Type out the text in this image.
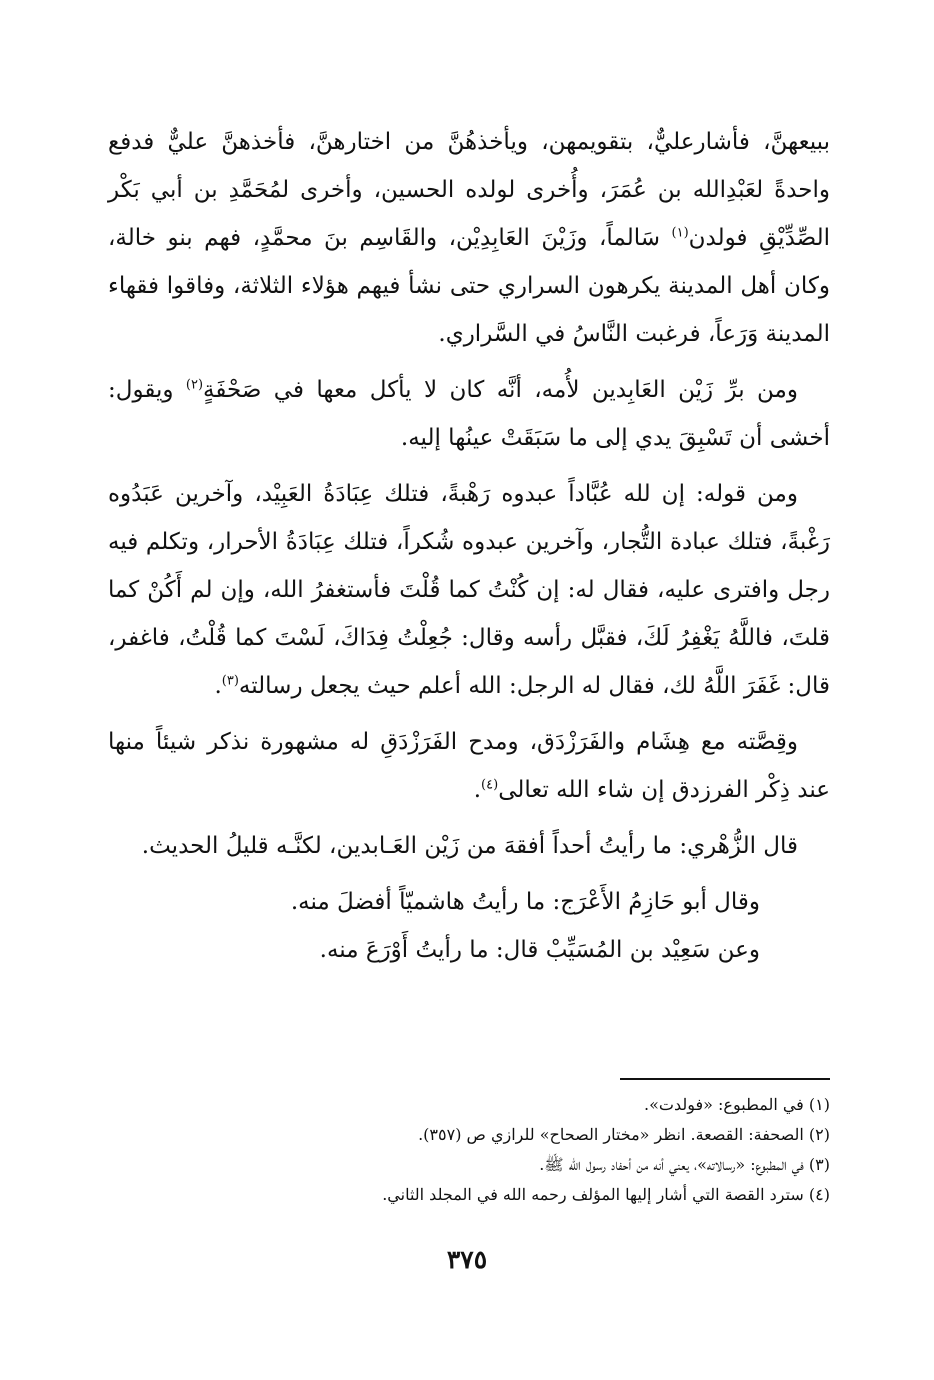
ببيعهنَّ، فأشارعليٌّ، بتقويمهن، ويأخذهُنَّ من اختارهنَّ، فأخذهنَّ عليٌّ فدفع واحدةً لعَبْدِالله بن عُمَرَ، وأُخرى لولده الحسين، وأخرى لمُحَمَّدِ بن أبي بَكْر الصِّدِّيْقِ فولدن$^{(١)}$ سَالماً، وزَيْنَ العَابِدِيْن، والقَاسِم بنَ محمَّدٍ، فهم بنو خالة، وكان أهل المدينة يكرهون السراري حتى نشأ فيهم هؤلاء الثلاثة، وفاقوا فقهاء المدينة وَرَعاً، فرغبت النَّاسُ في السَّراري.

ومن برِّ زَيْن العَابِدين لأُمه، أنَّه كان لا يأكل معها في صَحْفَةٍ$^{(٢)}$ ويقول: أخشى أن تَسْبِقَ يدي إلى ما سَبَقَتْ عينُها إليه.

ومن قوله: إن لله عُبَّاداً عبدوه رَهْبةً، فتلك عِبَادَةُ العَبِيْد، وآخرين عَبَدُوه رَغْبةً، فتلك عبادة التُّجار، وآخرين عبدوه شُكراً، فتلك عِبَادَةُ الأحرار، وتكلم فيه رجل وافترى عليه، فقال له: إن كُنْتُ كما قُلْتَ فأستغفرُ الله، وإن لم أَكُنْ كما قلتَ، فاللَّهُ يَغْفِرُ لَكَ، فقبَّل رأسه وقال: جُعِلْتُ فِدَاكَ، لَسْتَ كما قُلْتُ، فاغفر، قال: غَفَرَ اللَّهُ لك، فقال له الرجل: الله أعلم حيث يجعل رسالته$^{(٣)}$.

وقِصَّته مع هِشَام والفَرَزْدَق، ومدح الفَرَزْدَقِ له مشهورة نذكر شيئاً منها عند ذِكْر الفرزدق إن شاء الله تعالى$^{(٤)}$.

قال الزُّهْري: ما رأيتُ أحداً أفقهَ من زَيْن العَـابدين، لكنَّـه قليلُ الحديث.

وقال أبو حَازِمُ الأَعْرَج: ما رأيتُ هاشميّاً أفضلَ منه.

وعن سَعِيْد بن المُسَيِّبْ قال: ما رأيتُ أَوْرَعَ منه.

(١) في المطبوع: «فولدت».

(٢) الصحفة: القصعة. انظر «مختار الصحاح» للرازي ص (٣٥٧).

(٣) في المطبوع: «رسالاته»، يعني أنه من أحفاد رسول الله ﷺ.

(٤) سترد القصة التي أشار إليها المؤلف رحمه الله في المجلد الثاني.

٣٧٥
